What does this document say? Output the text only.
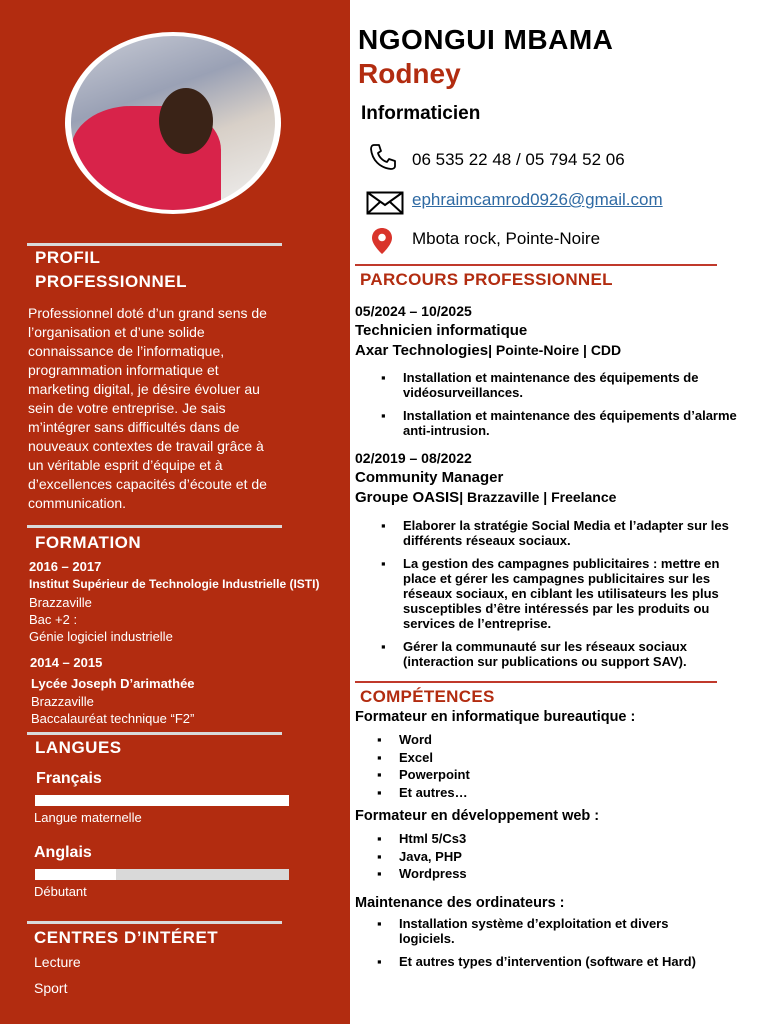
PROFIL
PROFESSIONNEL
Professionnel doté d’un grand sens de
l’organisation et d’une solide
connaissance de l’informatique,
programmation informatique et
marketing digital, je désire évoluer au
sein de votre entreprise. Je sais
m’intégrer sans difficultés dans de
nouveaux contextes de travail grâce à
un véritable esprit d’équipe et à
d’excellences capacités d’écoute et de
communication.
FORMATION
2016 – 2017
Institut Supérieur de Technologie Industrielle (ISTI)
Brazzaville
Bac +2 :
Génie logiciel industrielle
2014 – 2015
Lycée Joseph D’arimathée
Brazzaville
Baccalauréat technique “F2”
LANGUES
Français
Langue maternelle
Anglais
Débutant
CENTRES D’INTÉRET
Lecture
Sport
NGONGUI MBAMA
Rodney
Informaticien
06 535 22 48 / 05 794 52 06
ephraimcamrod0926@gmail.com
Mbota rock, Pointe-Noire
PARCOURS PROFESSIONNEL
05/2024 – 10/2025
Technicien informatique
Axar Technologies| Pointe-Noire | CDD
▪ Installation et maintenance des équipements de vidéosurveillances.
▪ Installation et maintenance des équipements d’alarme anti-intrusion.
02/2019 – 08/2022
Community Manager
Groupe OASIS| Brazzaville | Freelance
▪ Elaborer la stratégie Social Media et l’adapter sur les différents réseaux sociaux.
▪ La gestion des campagnes publicitaires : mettre en place et gérer les campagnes publicitaires sur les réseaux sociaux, en ciblant les utilisateurs les plus susceptibles d’être intéressés par les produits ou services de l’entreprise.
▪ Gérer la communauté sur les réseaux sociaux (interaction sur publications ou support SAV).
COMPÉTENCES
Formateur en informatique bureautique :
▪ Word
▪ Excel
▪ Powerpoint
▪ Et autres…
Formateur en développement web :
▪ Html 5/Cs3
▪ Java, PHP
▪ Wordpress
Maintenance des ordinateurs :
▪ Installation système d’exploitation et divers logiciels.
▪ Et autres types d’intervention (software et Hard)
